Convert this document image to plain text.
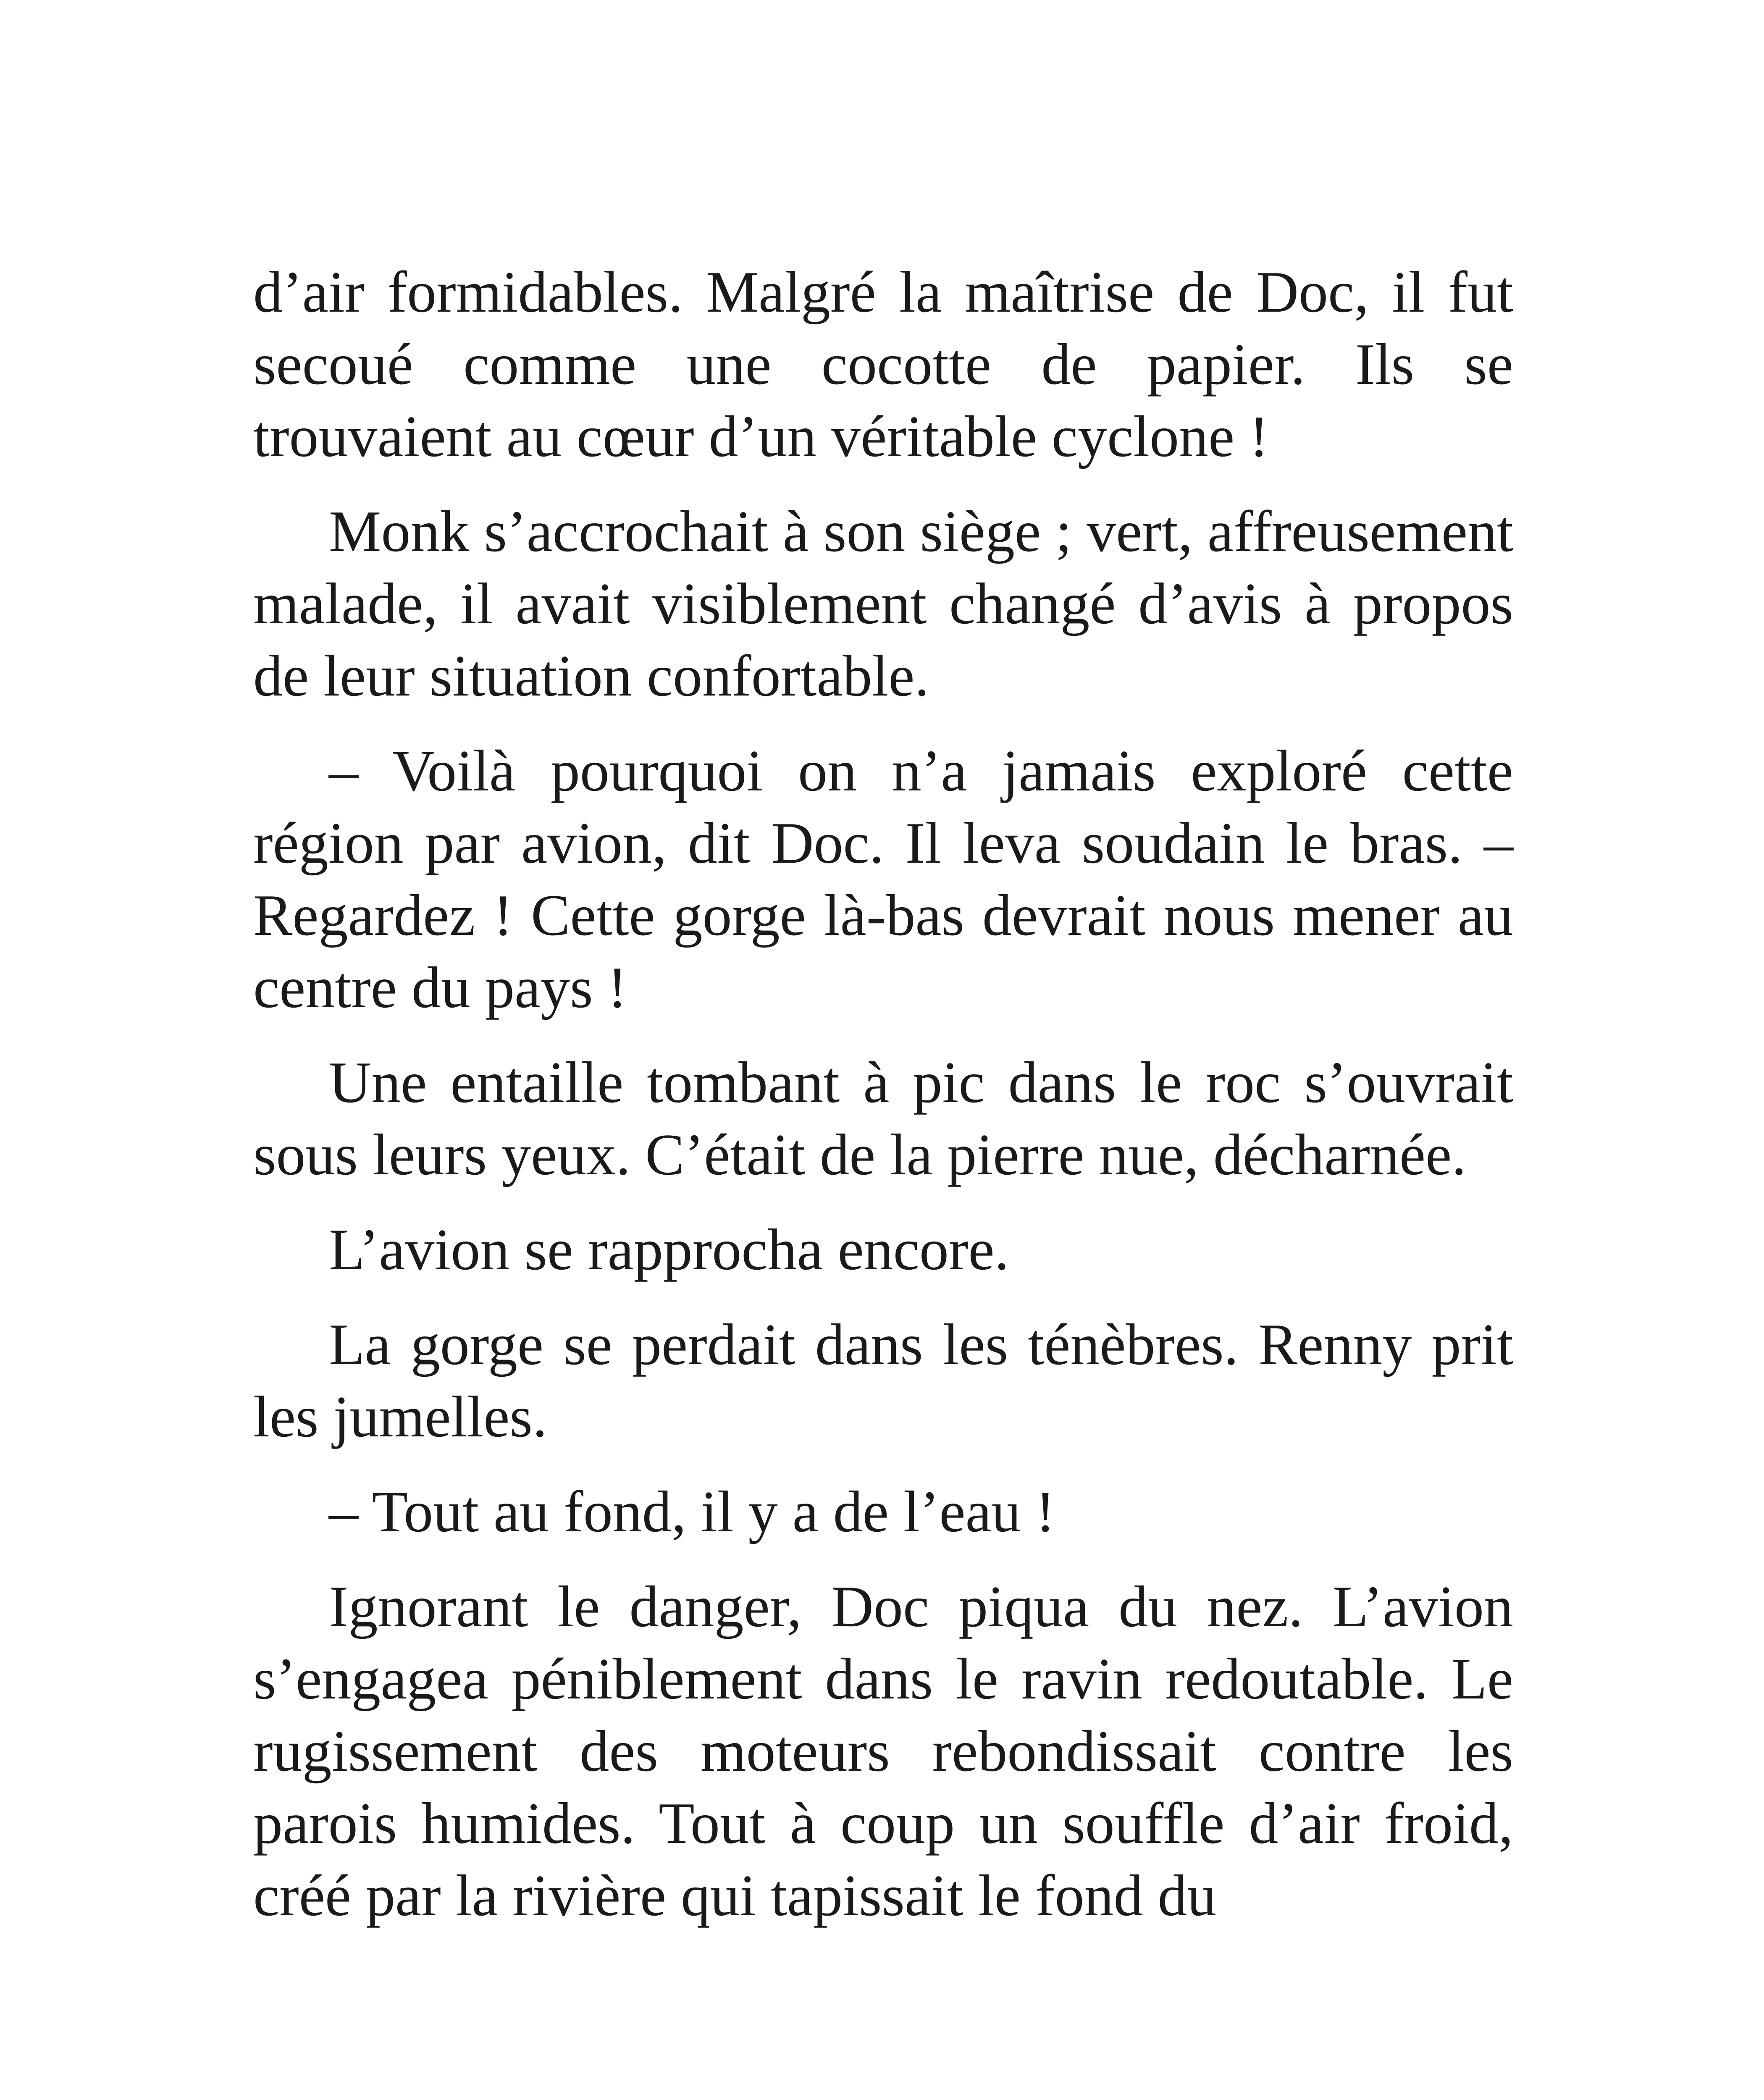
d’air formidables. Malgré la maîtrise de Doc, il fut secoué comme une cocotte de papier. Ils se trouvaient au cœur d’un véritable cyclone !

Monk s’accrochait à son siège ; vert, affreusement malade, il avait visiblement changé d’avis à propos de leur situation confortable.

– Voilà pourquoi on n’a jamais exploré cette région par avion, dit Doc. Il leva soudain le bras. – Regardez ! Cette gorge là-bas devrait nous mener au centre du pays !

Une entaille tombant à pic dans le roc s’ouvrait sous leurs yeux. C’était de la pierre nue, décharnée.

L’avion se rapprocha encore.

La gorge se perdait dans les ténèbres. Renny prit les jumelles.

– Tout au fond, il y a de l’eau !

Ignorant le danger, Doc piqua du nez. L’avion s’engagea péniblement dans le ravin redoutable. Le rugissement des moteurs rebondissait contre les parois humides. Tout à coup un souffle d’air froid, créé par la rivière qui tapissait le fond du
